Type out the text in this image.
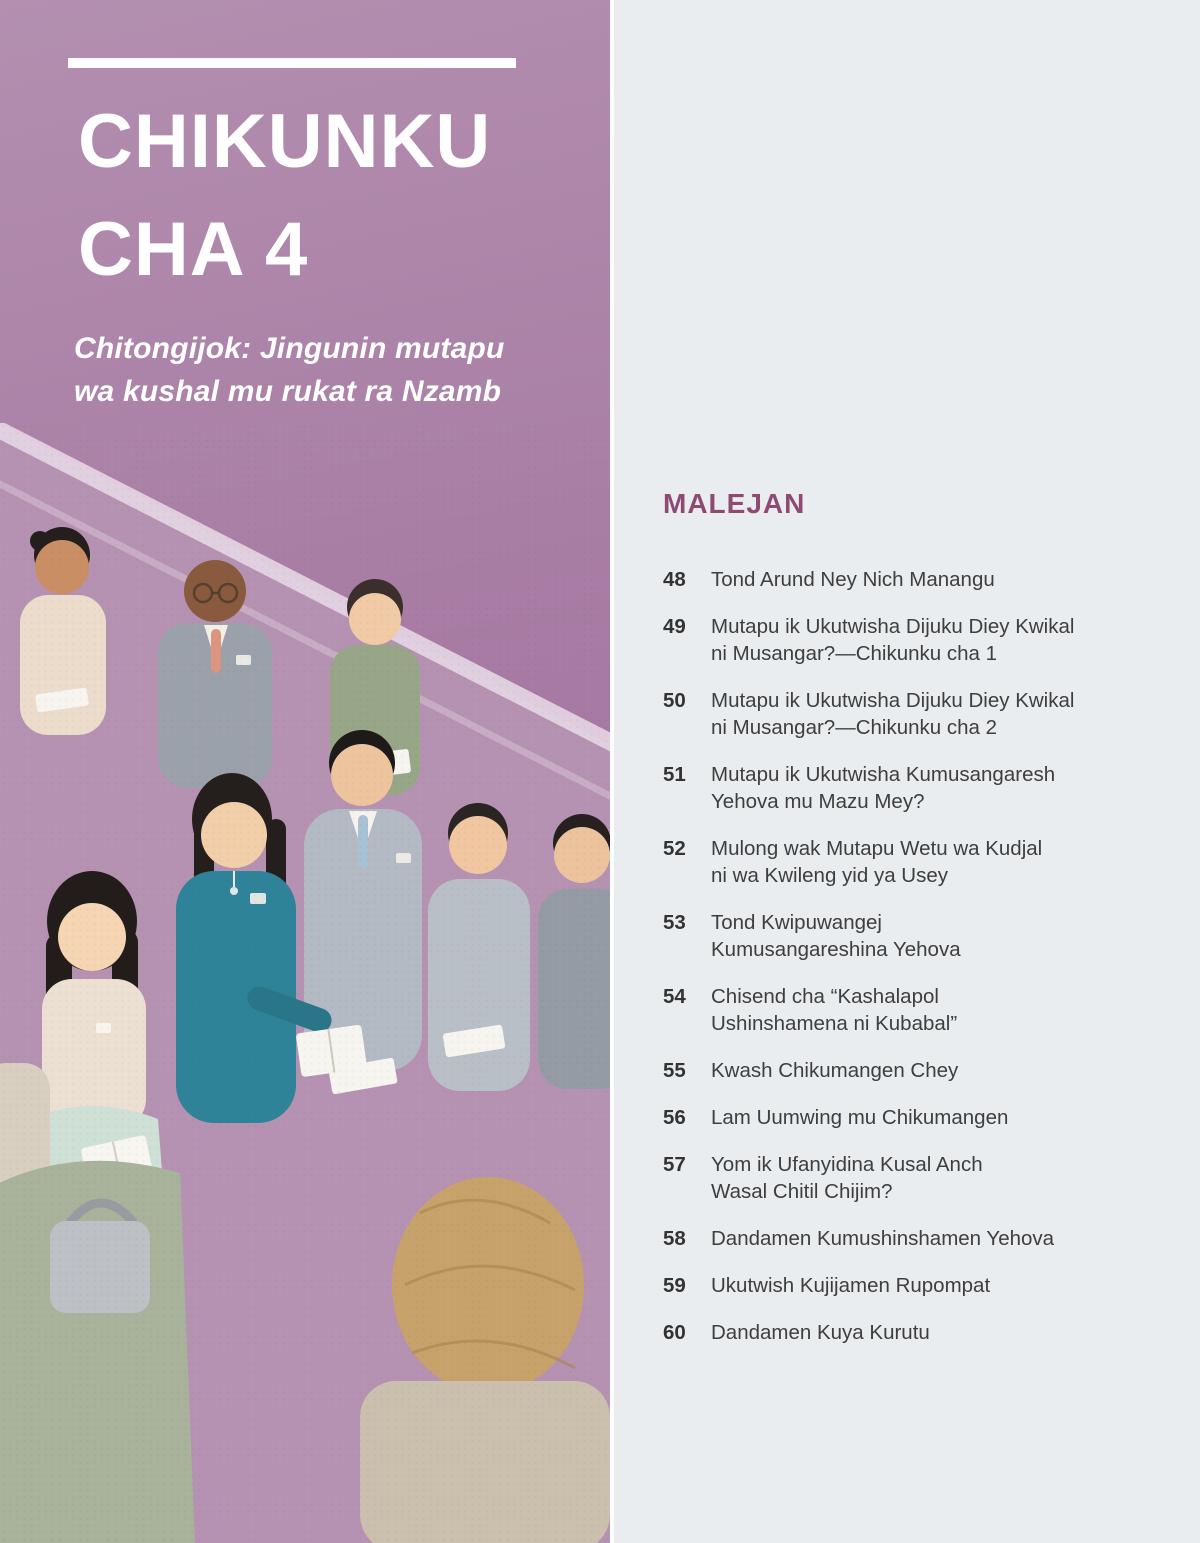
CHIKUNKU
CHA 4

Chitongijok: Jingunin mutapu
wa kushal mu rukat ra Nzamb

MALEJAN
48	Tond Arund Ney Nich Manangu
49	Mutapu ik Ukutwisha Dijuku Diey Kwikal
ni Musangar?—Chikunku cha 1
50	Mutapu ik Ukutwisha Dijuku Diey Kwikal
ni Musangar?—Chikunku cha 2
51	Mutapu ik Ukutwisha Kumusangaresh
Yehova mu Mazu Mey?
52	Mulong wak Mutapu Wetu wa Kudjal
ni wa Kwileng yid ya Usey
53	Tond Kwipuwangej
Kumusangareshina Yehova
54	Chisend cha “Kashalapol
Ushinshamena ni Kubabal”
55	Kwash Chikumangen Chey
56	Lam Uumwing mu Chikumangen
57	Yom ik Ufanyidina Kusal Anch
Wasal Chitil Chijim?
58	Dandamen Kumushinshamen Yehova
59	Ukutwish Kujijamen Rupompat
60	Dandamen Kuya Kurutu
